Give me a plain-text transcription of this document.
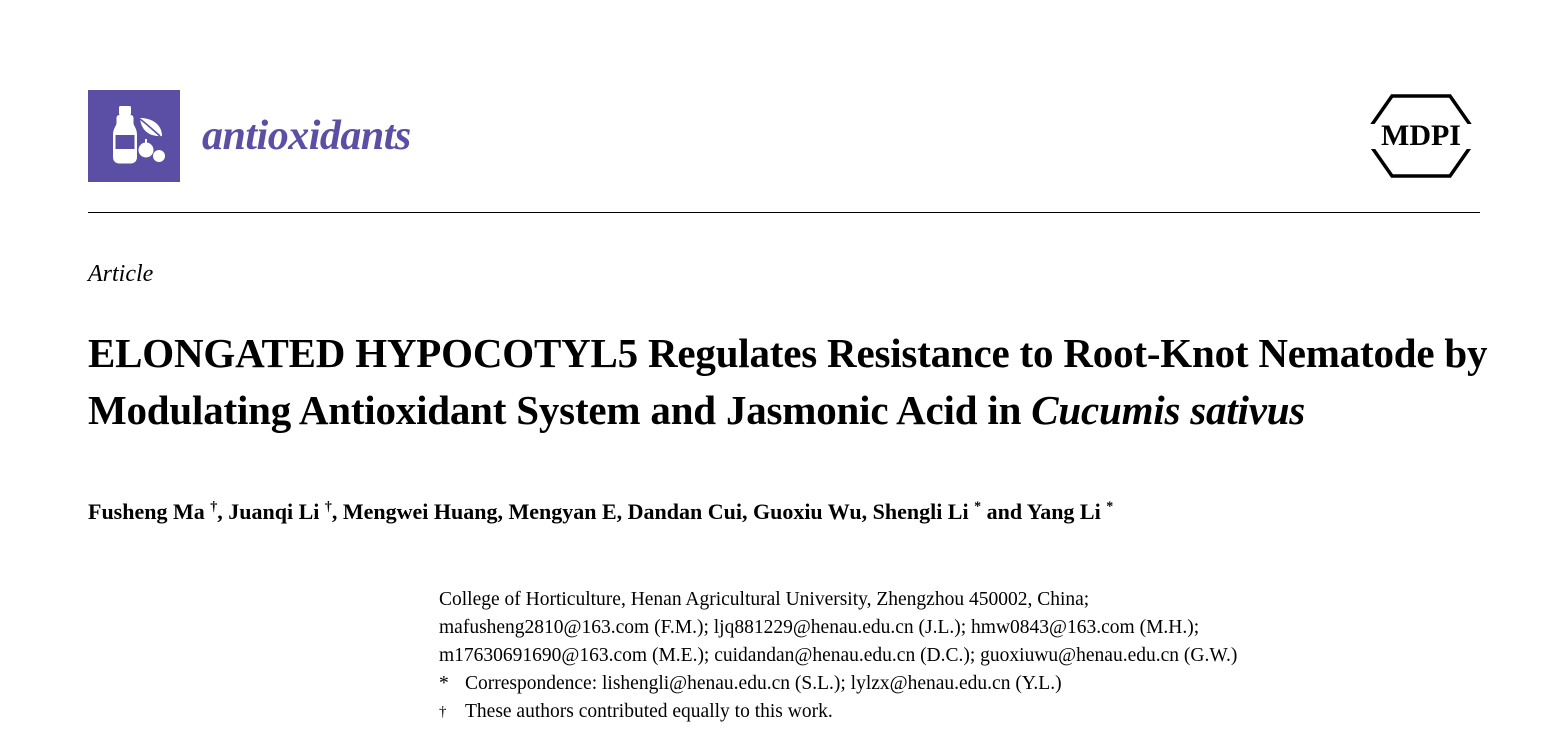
antioxidants	MDPI
Article
ELONGATED HYPOCOTYL5 Regulates Resistance to Root-Knot Nematode by Modulating Antioxidant System and Jasmonic Acid in Cucumis sativus
Fusheng Ma †, Juanqi Li †, Mengwei Huang, Mengyan E, Dandan Cui, Guoxiu Wu, Shengli Li * and Yang Li *
College of Horticulture, Henan Agricultural University, Zhengzhou 450002, China;
mafusheng2810@163.com (F.M.); ljq881229@henau.edu.cn (J.L.); hmw0843@163.com (M.H.);
m17630691690@163.com (M.E.); cuidandan@henau.edu.cn (D.C.); guoxiuwu@henau.edu.cn (G.W.)
* Correspondence: lishengli@henau.edu.cn (S.L.); lylzx@henau.edu.cn (Y.L.)
† These authors contributed equally to this work.
